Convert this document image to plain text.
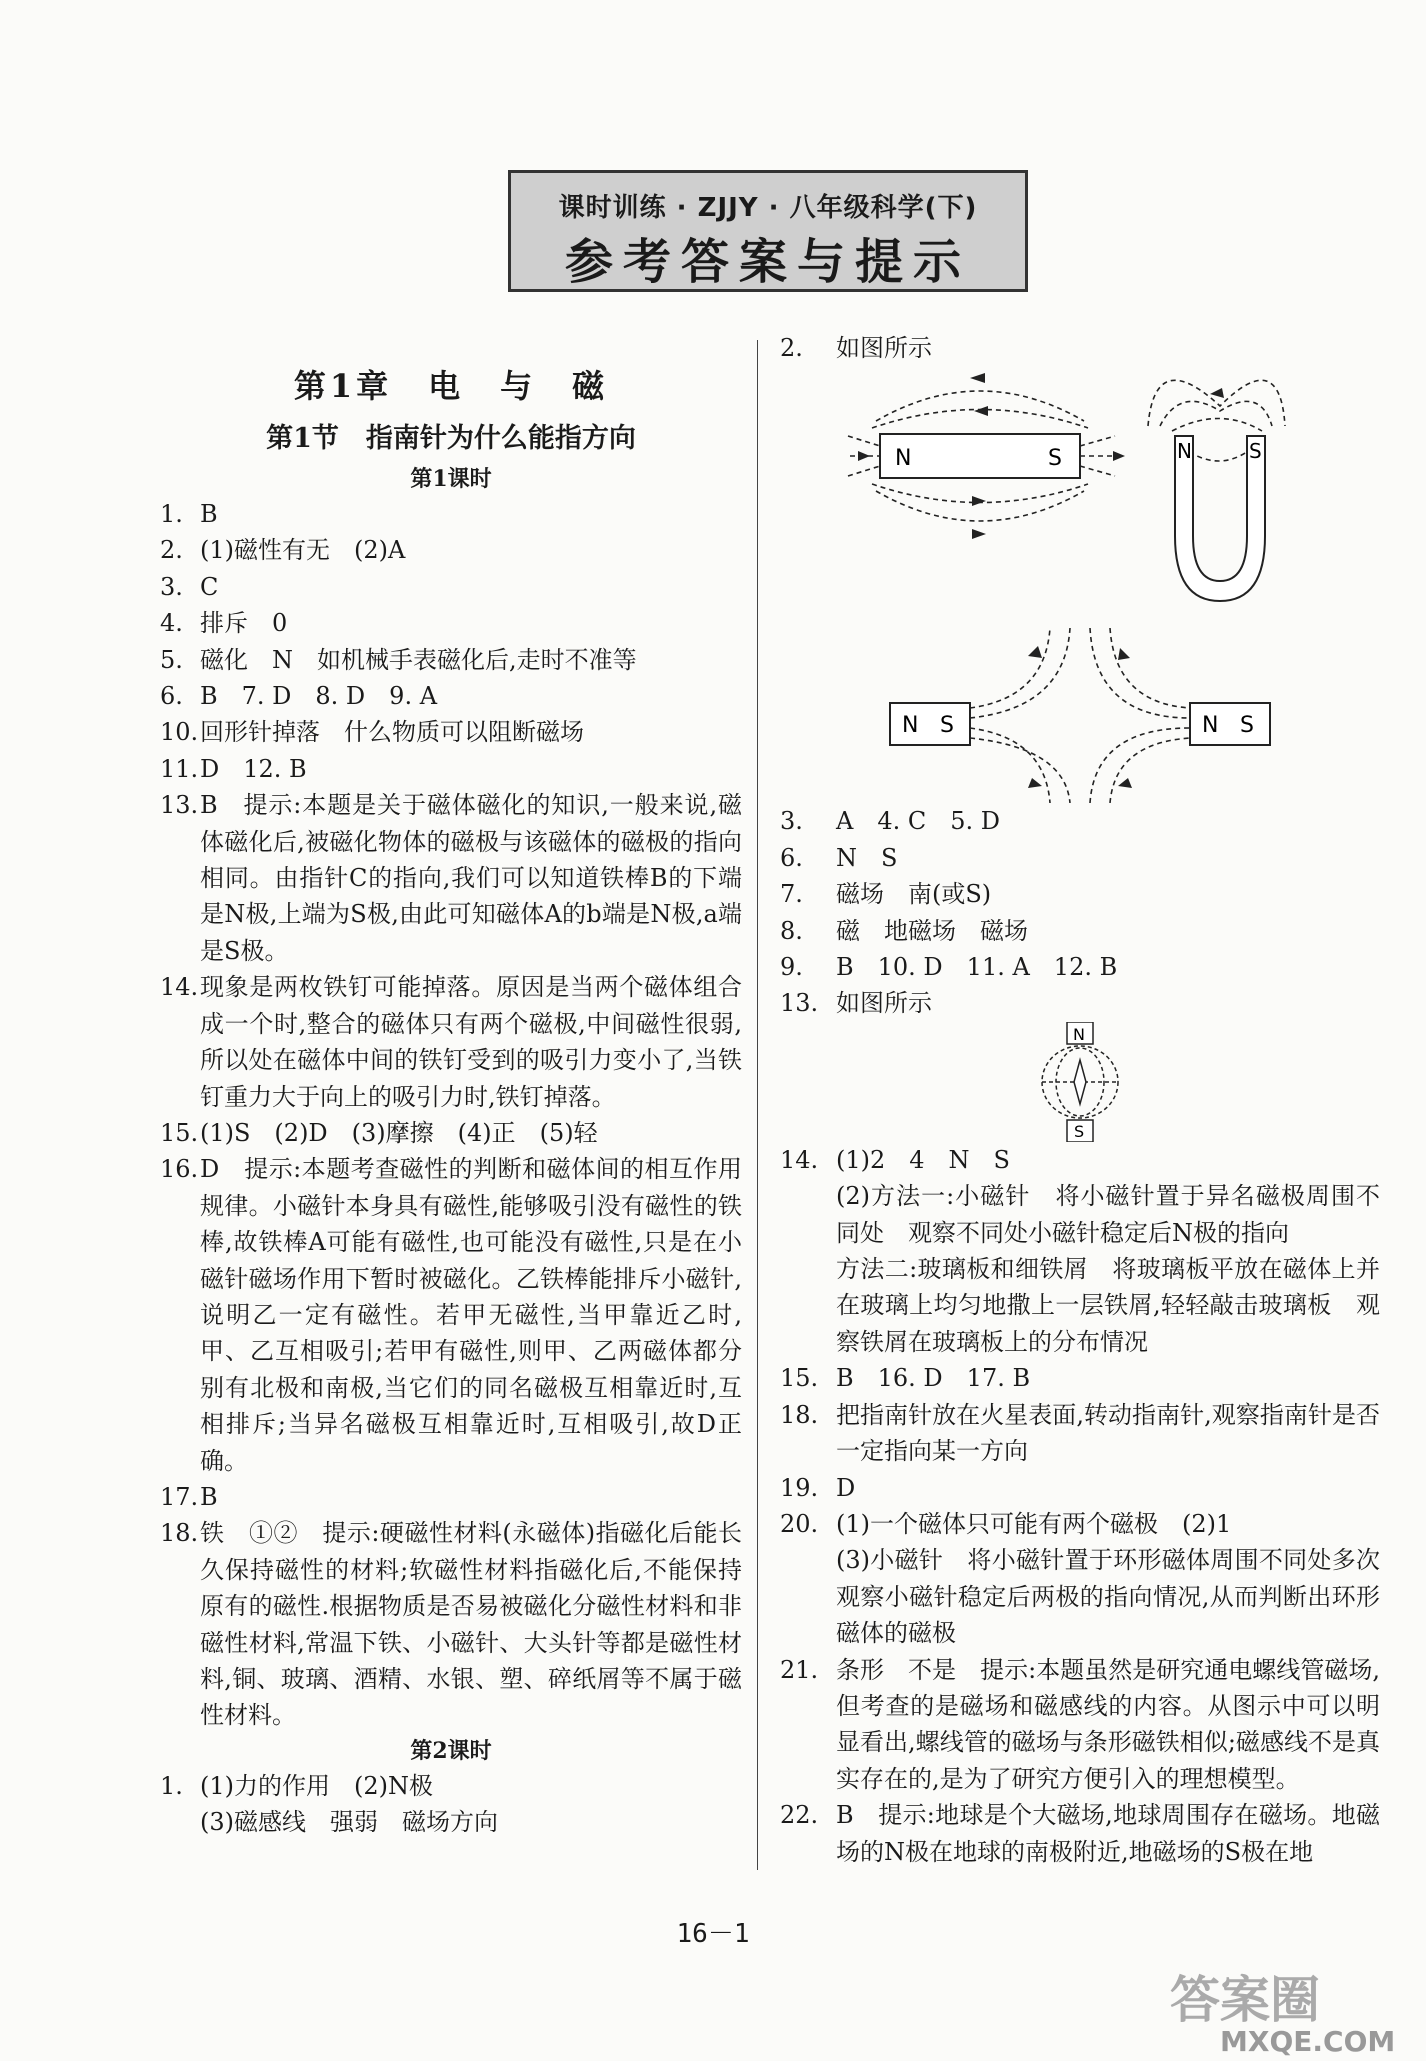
课时训练 · ZJJY · 八年级科学(下)
参考答案与提示
第1章　电　与　磁
第1节　指南针为什么能指方向
第1课时
1. B
2. (1)磁性有无　(2)A
3. C
4. 排斥　0
5. 磁化　N　如机械手表磁化后,走时不准等
6. B　7. D　8. D　9. A
10. 回形针掉落　什么物质可以阻断磁场
11. D　12. B
13. B　提示:本题是关于磁体磁化的知识,一般来说,磁体磁化后,被磁化物体的磁极与该磁体的磁极的指向相同。由指针C的指向,我们可以知道铁棒B的下端是N极,上端为S极,由此可知磁体A的b端是N极,a端是S极。
14. 现象是两枚铁钉可能掉落。原因是当两个磁体组合成一个时,整合的磁体只有两个磁极,中间磁性很弱,所以处在磁体中间的铁钉受到的吸引力变小了,当铁钉重力大于向上的吸引力时,铁钉掉落。
15. (1)S　(2)D　(3)摩擦　(4)正　(5)轻
16. D　提示:本题考查磁性的判断和磁体间的相互作用规律。小磁针本身具有磁性,能够吸引没有磁性的铁棒,故铁棒A可能有磁性,也可能没有磁性,只是在小磁针磁场作用下暂时被磁化。乙铁棒能排斥小磁针,说明乙一定有磁性。若甲无磁性,当甲靠近乙时,甲、乙互相吸引;若甲有磁性,则甲、乙两磁体都分别有北极和南极,当它们的同名磁极互相靠近时,互相排斥;当异名磁极互相靠近时,互相吸引,故D正确。
17. B
18. 铁　①②　提示:硬磁性材料(永磁体)指磁化后能长久保持磁性的材料;软磁性材料指磁化后,不能保持原有的磁性.根据物质是否易被磁化分磁性材料和非磁性材料,常温下铁、小磁针、大头针等都是磁性材料,铜、玻璃、酒精、水银、塑、碎纸屑等不属于磁性材料。
第2课时
1. (1)力的作用　(2)N极
(3)磁感线　强弱　磁场方向
2. 如图所示
N	S	N	S
N S	N S
3. A　4. C　5. D
6. N　S
7. 磁场　南(或S)
8. 磁　地磁场　磁场
9. B　10. D　11. A　12. B
13. 如图所示
N
S
14. (1)2　4　N　S
(2)方法一:小磁针　将小磁针置于异名磁极周围不同处　观察不同处小磁针稳定后N极的指向
方法二:玻璃板和细铁屑　将玻璃板平放在磁体上并在玻璃上均匀地撒上一层铁屑,轻轻敲击玻璃板　观察铁屑在玻璃板上的分布情况
15. B　16. D　17. B
18. 把指南针放在火星表面,转动指南针,观察指南针是否一定指向某一方向
19. D
20. (1)一个磁体只可能有两个磁极　(2)1
(3)小磁针　将小磁针置于环形磁体周围不同处多次观察小磁针稳定后两极的指向情况,从而判断出环形磁体的磁极
21. 条形　不是　提示:本题虽然是研究通电螺线管磁场,但考查的是磁场和磁感线的内容。从图示中可以明显看出,螺线管的磁场与条形磁铁相似;磁感线不是真实存在的,是为了研究方便引入的理想模型。
22. B　提示:地球是个大磁场,地球周围存在磁场。地磁场的N极在地球的南极附近,地磁场的S极在地
16－1
答案圈
MXQE.COM
